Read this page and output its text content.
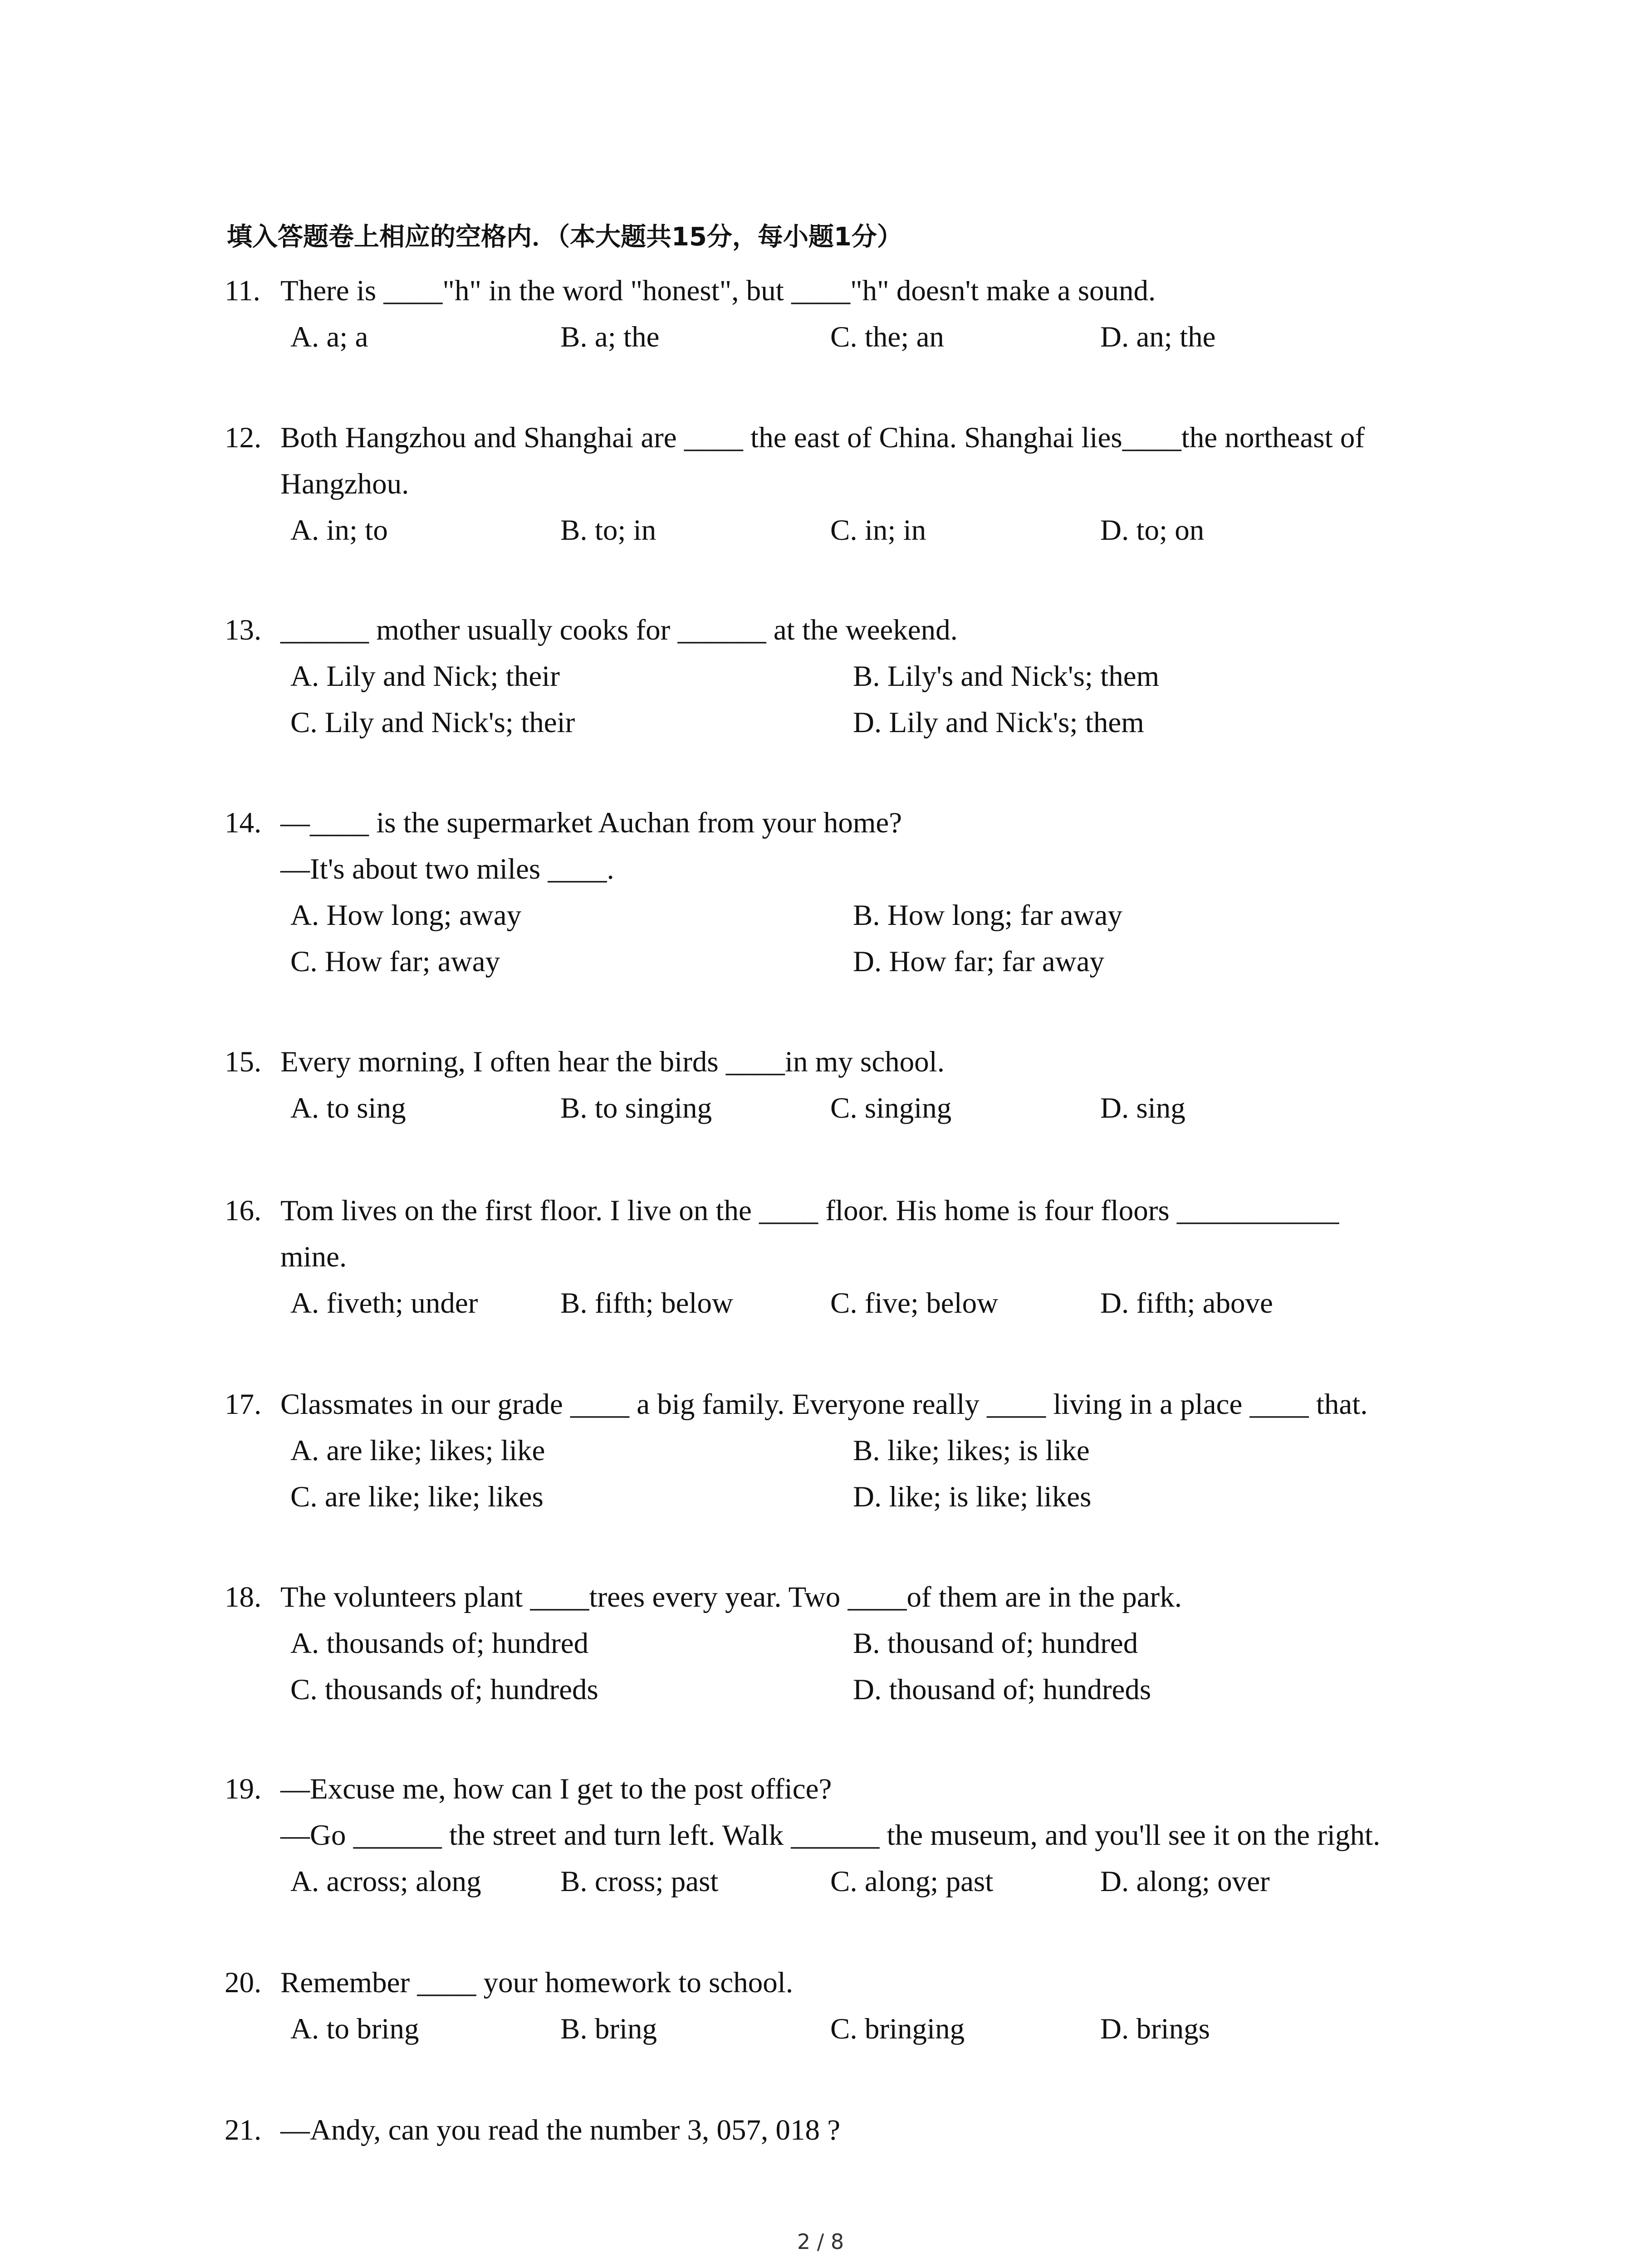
填入答题卷上相应的空格内．（本大题共15分，每小题1分）
11. There is ____"h" in the word "honest", but ____"h" doesn't make a sound.
A. a; a	B. a; the	C. the; an	D. an; the
12. Both Hangzhou and Shanghai are ____ the east of China. Shanghai lies____the northeast of
Hangzhou.
A. in; to	B. to; in	C. in; in	D. to; on
13. ______ mother usually cooks for ______ at the weekend.
A. Lily and Nick; their	B. Lily's and Nick's; them
C. Lily and Nick's; their	D. Lily and Nick's; them
14. —____ is the supermarket Auchan from your home?
—It's about two miles ____.
A. How long; away	B. How long; far away
C. How far; away	D. How far; far away
15. Every morning, I often hear the birds ____in my school.
A. to sing	B. to singing	C. singing	D. sing
16. Tom lives on the first floor. I live on the ____ floor. His home is four floors ___________
mine.
A. fiveth; under	B. fifth; below	C. five; below	D. fifth; above
17. Classmates in our grade ____ a big family. Everyone really ____ living in a place ____ that.
A. are like; likes; like	B. like; likes; is like
C. are like; like; likes	D. like; is like; likes
18. The volunteers plant ____trees every year. Two ____of them are in the park.
A. thousands of; hundred	B. thousand of; hundred
C. thousands of; hundreds	D. thousand of; hundreds
19. —Excuse me, how can I get to the post office?
—Go ______ the street and turn left. Walk ______ the museum, and you'll see it on the right.
A. across; along	B. cross; past	C. along; past	D. along; over
20. Remember ____ your homework to school.
A. to bring	B. bring	C. bringing	D. brings
21. —Andy, can you read the number 3, 057, 018 ?
2 / 8
